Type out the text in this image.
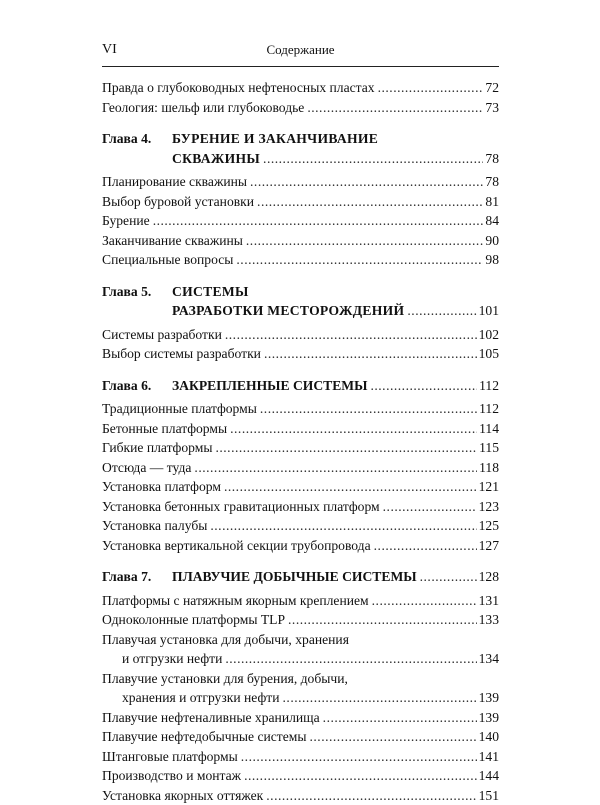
VI	Содержание
Правда о глубоководных нефтеносных пластах .....	72
Геология: шельф или глубоководье .....	73
Глава 4.	БУРЕНИЕ И ЗАКАНЧИВАНИЕ
СКВАЖИНЫ .....	78
Планирование скважины .....	78
Выбор буровой установки .....	81
Бурение .....	84
Заканчивание скважины .....	90
Специальные вопросы .....	98
Глава 5.	СИСТЕМЫ
РАЗРАБОТКИ МЕСТОРОЖДЕНИЙ .....	101
Системы разработки .....	102
Выбор системы разработки .....	105
Глава 6. ЗАКРЕПЛЕННЫЕ СИСТЕМЫ .....	112
Традиционные платформы .....	112
Бетонные платформы .....	114
Гибкие платформы .....	115
Отсюда — туда .....	118
Установка платформ .....	121
Установка бетонных гравитационных платформ .....	123
Установка палубы .....	125
Установка вертикальной секции трубопровода .....	127
Глава 7. ПЛАВУЧИЕ ДОБЫЧНЫЕ СИСТЕМЫ .....	128
Платформы с натяжным якорным креплением .....	131
Одноколонные платформы TLP .....	133
Плавучая установка для добычи, хранения
и отгрузки нефти .....	134
Плавучие установки для бурения, добычи,
хранения и отгрузки нефти .....	139
Плавучие нефтеналивные хранилища .....	139
Плавучие нефтедобычные системы .....	140
Штанговые платформы .....	141
Производство и монтаж .....	144
Установка якорных оттяжек .....	151
